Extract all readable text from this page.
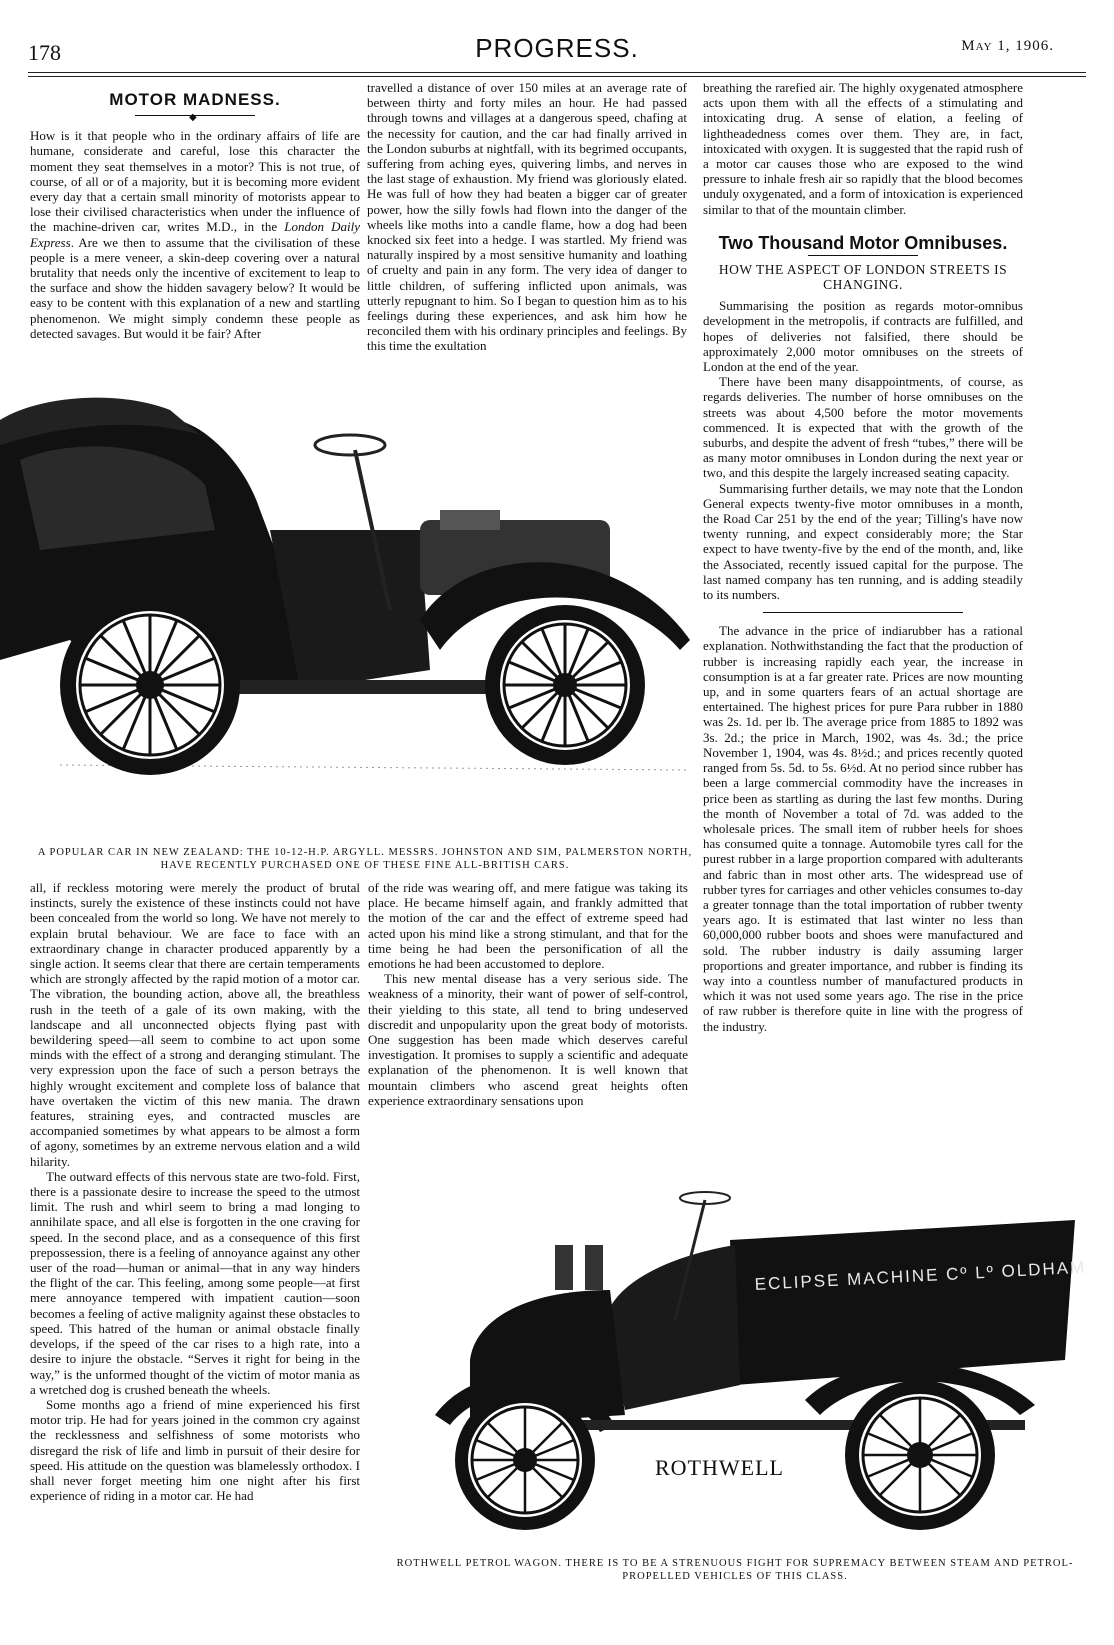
178	PROGRESS.	May 1, 1906.
MOTOR MADNESS.
◆

How is it that people who in the ordinary affairs of life are humane, considerate and careful, lose this character the moment they seat themselves in a motor? This is not true, of course, of all or of a majority, but it is becoming more evident every day that a certain small minority of motorists appear to lose their civilised characteristics when under the influence of the machine-driven car, writes M.D., in the London Daily Express. Are we then to assume that the civilisation of these people is a mere veneer, a skin-deep covering over a natural brutality that needs only the incentive of excitement to leap to the surface and show the hidden savagery below? It would be easy to be content with this explanation of a new and startling phenomenon. We might simply condemn these people as detected savages. But would it be fair? After

travelled a distance of over 150 miles at an average rate of between thirty and forty miles an hour. He had passed through towns and villages at a dangerous speed, chafing at the necessity for caution, and the car had finally arrived in the London suburbs at nightfall, with its begrimed occupants, suffering from aching eyes, quivering limbs, and nerves in the last stage of exhaustion. My friend was gloriously elated. He was full of how they had beaten a bigger car of greater power, how the silly fowls had flown into the danger of the wheels like moths into a candle flame, how a dog had been knocked six feet into a hedge. I was startled. My friend was naturally inspired by a most sensitive humanity and loathing of cruelty and pain in any form. The very idea of danger to little children, of suffering inflicted upon animals, was utterly repugnant to him. So I began to question him as to his feelings during these experiences, and ask him how he reconciled them with his ordinary principles and feelings. By this time the exultation

breathing the rarefied air. The highly oxygenated atmosphere acts upon them with all the effects of a stimulating and intoxicating drug. A sense of elation, a feeling of lightheadedness comes over them. They are, in fact, intoxicated with oxygen. It is suggested that the rapid rush of a motor car causes those who are exposed to the wind pressure to inhale fresh air so rapidly that the blood becomes unduly oxygenated, and a form of intoxication is experienced similar to that of the mountain climber.

Two Thousand Motor Omnibuses.
HOW THE ASPECT OF LONDON STREETS IS CHANGING.

Summarising the position as regards motor-omnibus development in the metropolis, if contracts are fulfilled, and hopes of deliveries not falsified, there should be approximately 2,000 motor omnibuses on the streets of London at the end of the year.

There have been many disappointments, of course, as regards deliveries. The number of horse omnibuses on the streets was about 4,500 before the motor movements commenced. It is expected that with the growth of the suburbs, and despite the advent of fresh “tubes,” there will be as many motor omnibuses in London during the next year or two, and this despite the largely increased seating capacity.

Summarising further details, we may note that the London General expects twenty-five motor omnibuses in a month, the Road Car 251 by the end of the year; Tilling's have now twenty running, and expect considerably more; the Star expect to have twenty-five by the end of the month, and, like the Associated, recently issued capital for the purpose. The last named company has ten running, and is adding steadily to its numbers.

The advance in the price of indiarubber has a rational explanation. Nothwithstanding the fact that the production of rubber is increasing rapidly each year, the increase in consumption is at a far greater rate. Prices are now mounting up, and in some quarters fears of an actual shortage are entertained. The highest prices for pure Para rubber in 1880 was 2s. 1d. per lb. The average price from 1885 to 1892 was 3s. 2d.; the price in March, 1902, was 4s. 3d.; the price November 1, 1904, was 4s. 8½d.; and prices recently quoted ranged from 5s. 5d. to 5s. 6½d. At no period since rubber has been a large commercial commodity have the increases in price been as startling as during the last few months. During the month of November a total of 7d. was added to the wholesale prices. The small item of rubber heels for shoes has consumed quite a tonnage. Automobile tyres call for the purest rubber in a large proportion compared with adulterants and fabric than in most other arts. The widespread use of rubber tyres for carriages and other vehicles consumes to-day a greater tonnage than the total importation of rubber twenty years ago. It is estimated that last winter no less than 60,000,000 rubber boots and shoes were manufactured and sold. The rubber industry is daily assuming larger proportions and greater importance, and rubber is finding its way into a countless number of manufactured products in which it was not used some years ago. The rise in the price of raw rubber is therefore quite in line with the progress of the industry.

A POPULAR CAR IN NEW ZEALAND: THE 10-12-H.P. ARGYLL. MESSRS. JOHNSTON AND SIM, PALMERSTON NORTH, HAVE RECENTLY PURCHASED ONE OF THESE FINE ALL-BRITISH CARS.

all, if reckless motoring were merely the product of brutal instincts, surely the existence of these instincts could not have been concealed from the world so long. We have not merely to explain brutal behaviour. We are face to face with an extraordinary change in character produced apparently by a single action. It seems clear that there are certain temperaments which are strongly affected by the rapid motion of a motor car. The vibration, the bounding action, above all, the breathless rush in the teeth of a gale of its own making, with the landscape and all unconnected objects flying past with bewildering speed—all seem to combine to act upon some minds with the effect of a strong and deranging stimulant. The very expression upon the face of such a person betrays the highly wrought excitement and complete loss of balance that have overtaken the victim of this new mania. The drawn features, straining eyes, and contracted muscles are accompanied sometimes by what appears to be almost a form of agony, sometimes by an extreme nervous elation and a wild hilarity.

The outward effects of this nervous state are two-fold. First, there is a passionate desire to increase the speed to the utmost limit. The rush and whirl seem to bring a mad longing to annihilate space, and all else is forgotten in the one craving for speed. In the second place, and as a consequence of this first prepossession, there is a feeling of annoyance against any other user of the road—human or animal—that in any way hinders the flight of the car. This feeling, among some people—at first mere annoyance tempered with impatient caution—soon becomes a feeling of active malignity against these obstacles to speed. This hatred of the human or animal obstacle finally develops, if the speed of the car rises to a high rate, into a desire to injure the obstacle. “Serves it right for being in the way,” is the unformed thought of the victim of motor mania as a wretched dog is crushed beneath the wheels.

Some months ago a friend of mine experienced his first motor trip. He had for years joined in the common cry against the recklessness and selfishness of some motorists who disregard the risk of life and limb in pursuit of their desire for speed. His attitude on the question was blamelessly orthodox. I shall never forget meeting him one night after his first experience of riding in a motor car. He had

of the ride was wearing off, and mere fatigue was taking its place. He became himself again, and frankly admitted that the motion of the car and the effect of extreme speed had acted upon his mind like a strong stimulant, and that for the time being he had been the personification of all the emotions he had been accustomed to deplore.

This new mental disease has a very serious side. The weakness of a minority, their want of power of self-control, their yielding to this state, all tend to bring undeserved discredit and unpopularity upon the great body of motorists. One suggestion has been made which deserves careful investigation. It promises to supply a scientific and adequate explanation of the phenomenon. It is well known that mountain climbers who ascend great heights often experience extraordinary sensations upon

ECLIPSE MACHINE Cº Lº OLDHAM
ROTHWELL
ROTHWELL PETROL WAGON. THERE IS TO BE A STRENUOUS FIGHT FOR SUPREMACY BETWEEN STEAM AND PETROL-PROPELLED VEHICLES OF THIS CLASS.
